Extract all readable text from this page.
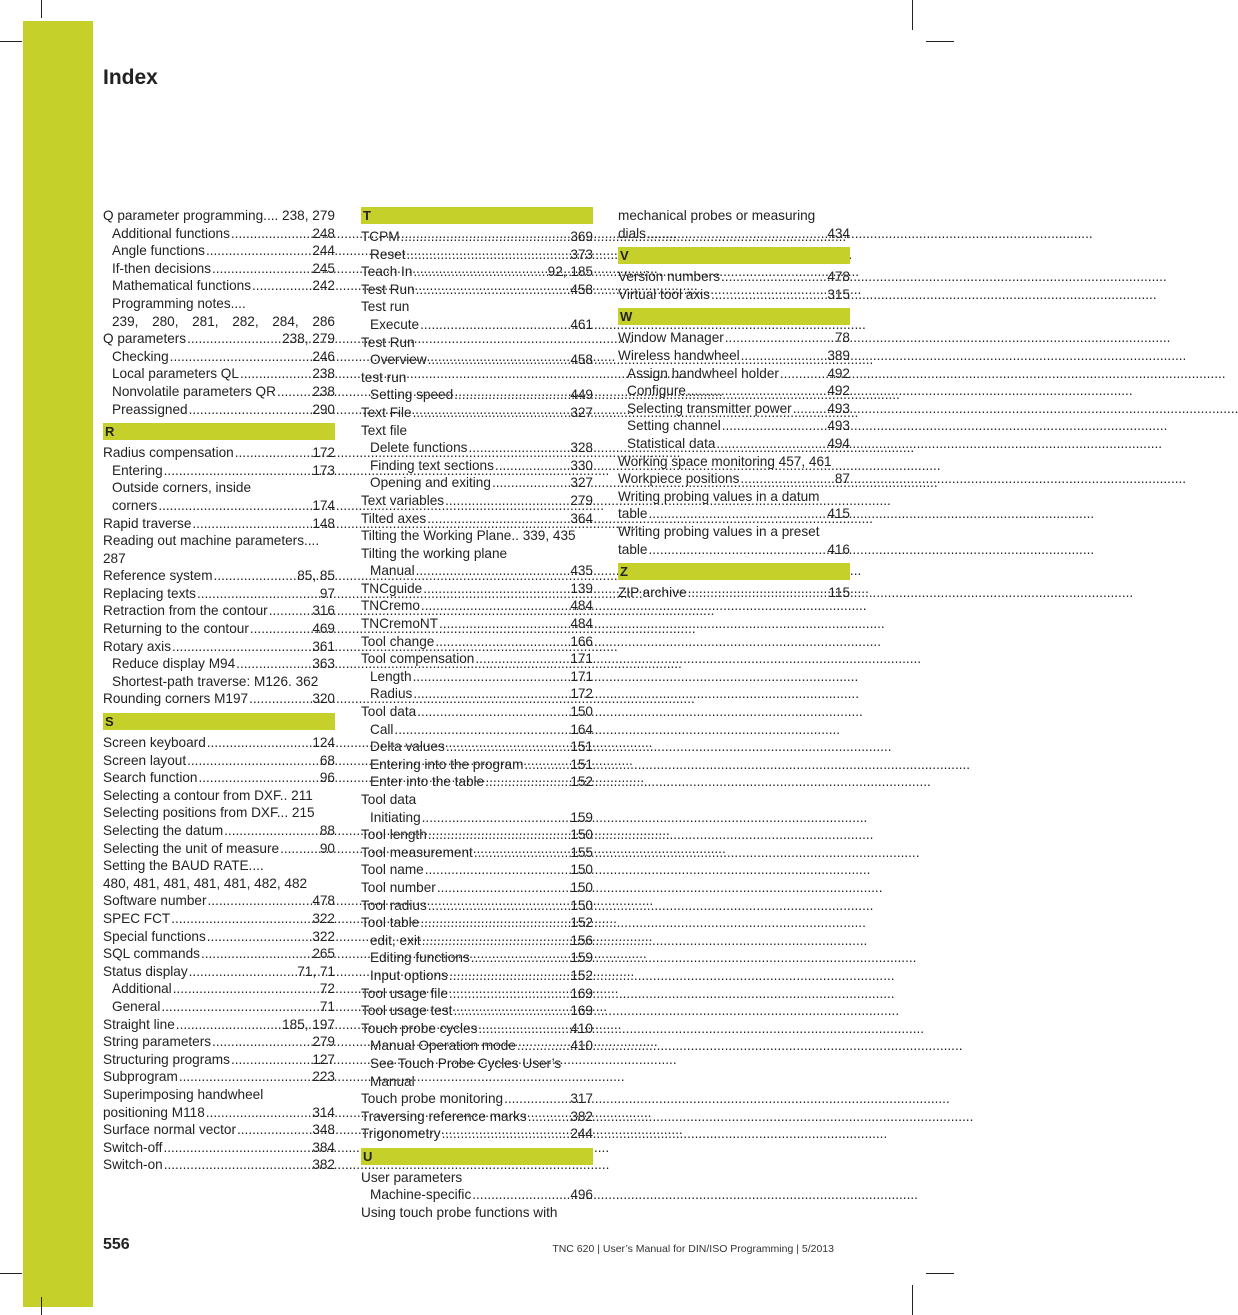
Index
Q parameter programming.... 238, 279
Additional functions .....	248
Angle functions .....	244
If-then decisions .....	245
Mathematical functions .....	242
Programming notes....
239, 280, 281, 282, 284, 286
Q parameters .....	238, 279
Checking .....	246
Local parameters QL .....	238
Nonvolatile parameters QR .....	238
Preassigned .....	290
R
Radius compensation .....	172
Entering .....	173
Outside corners, inside
corners .....	174
Rapid traverse .....	148
Reading out machine parameters.... 287
Reference system .....	85, 85
Replacing texts .....	97
Retraction from the contour .....	316
Returning to the contour .....	469
Rotary axis .....	361
Reduce display M94 .....	363
Shortest-path traverse: M126. 362
Rounding corners M197 .....	320
S
Screen keyboard .....	124
Screen layout .....	68
Search function .....	96
Selecting a contour from DXF.. 211
Selecting positions from DXF... 215
Selecting the datum .....	88
Selecting the unit of measure .....	90
Setting the BAUD RATE....
480, 481, 481, 481, 481, 482, 482
Software number .....	478
SPEC FCT .....	322
Special functions .....	322
SQL commands .....	265
Status display .....	71, 71
Additional .....	72
General .....	71
Straight line .....	185, 197
String parameters .....	279
Structuring programs .....	127
Subprogram .....	223
Superimposing handwheel
positioning M118 .....	314
Surface normal vector .....	348
Switch-off .....	384
Switch-on .....	382
T
TCPM .....	369
Reset .....	373
Teach In .....	92, 185
Test Run .....	458
Test run
Execute .....	461
Test Run
Overview .....	458
test run
Setting speed .....	449
Text File .....	327
Text file
Delete functions .....	328
Finding text sections .....	330
Opening and exiting .....	327
Text variables .....	279
Tilted axes .....	364
Tilting the Working Plane.. 339, 435
Tilting the working plane
Manual .....	435
TNCguide .....	139
TNCremo .....	484
TNCremoNT .....	484
Tool change .....	166
Tool compensation .....	171
Length .....	171
Radius .....	172
Tool data .....	150
Call .....	164
Delta values .....	151
Entering into the program .....	151
Enter into the table .....	152
Tool data
Initiating .....	159
Tool length .....	150
Tool measurement .....	155
Tool name .....	150
Tool number .....	150
Tool radius .....	150
Tool table .....	152
edit, exit .....	156
Editing functions .....	159
Input options .....	152
Tool usage file .....	169
Tool usage test .....	169
Touch probe cycles .....	410
Manual Operation mode .....	410
See Touch Probe Cycles User’s Manual
Touch probe monitoring .....	317
Traversing reference marks .....	382
Trigonometry .....	244
U
User parameters
Machine-specific .....	496
Using touch probe functions with
mechanical probes or measuring
dials .....	434
V
Version numbers .....	478
Virtual tool axis .....	315
W
Window Manager .....	78
Wireless handwheel .....	389
Assign handwheel holder .....	492
Configure .....	492
Selecting transmitter power .....	493
Setting channel .....	493
Statistical data .....	494
Working space monitoring 457, 461
Workpiece positions .....	87
Writing probing values in a datum
table .....	415
Writing probing values in a preset
table .....	416
Z
ZIP archive .....	115
556	TNC 620 | User’s Manual for DIN/ISO Programming | 5/2013
